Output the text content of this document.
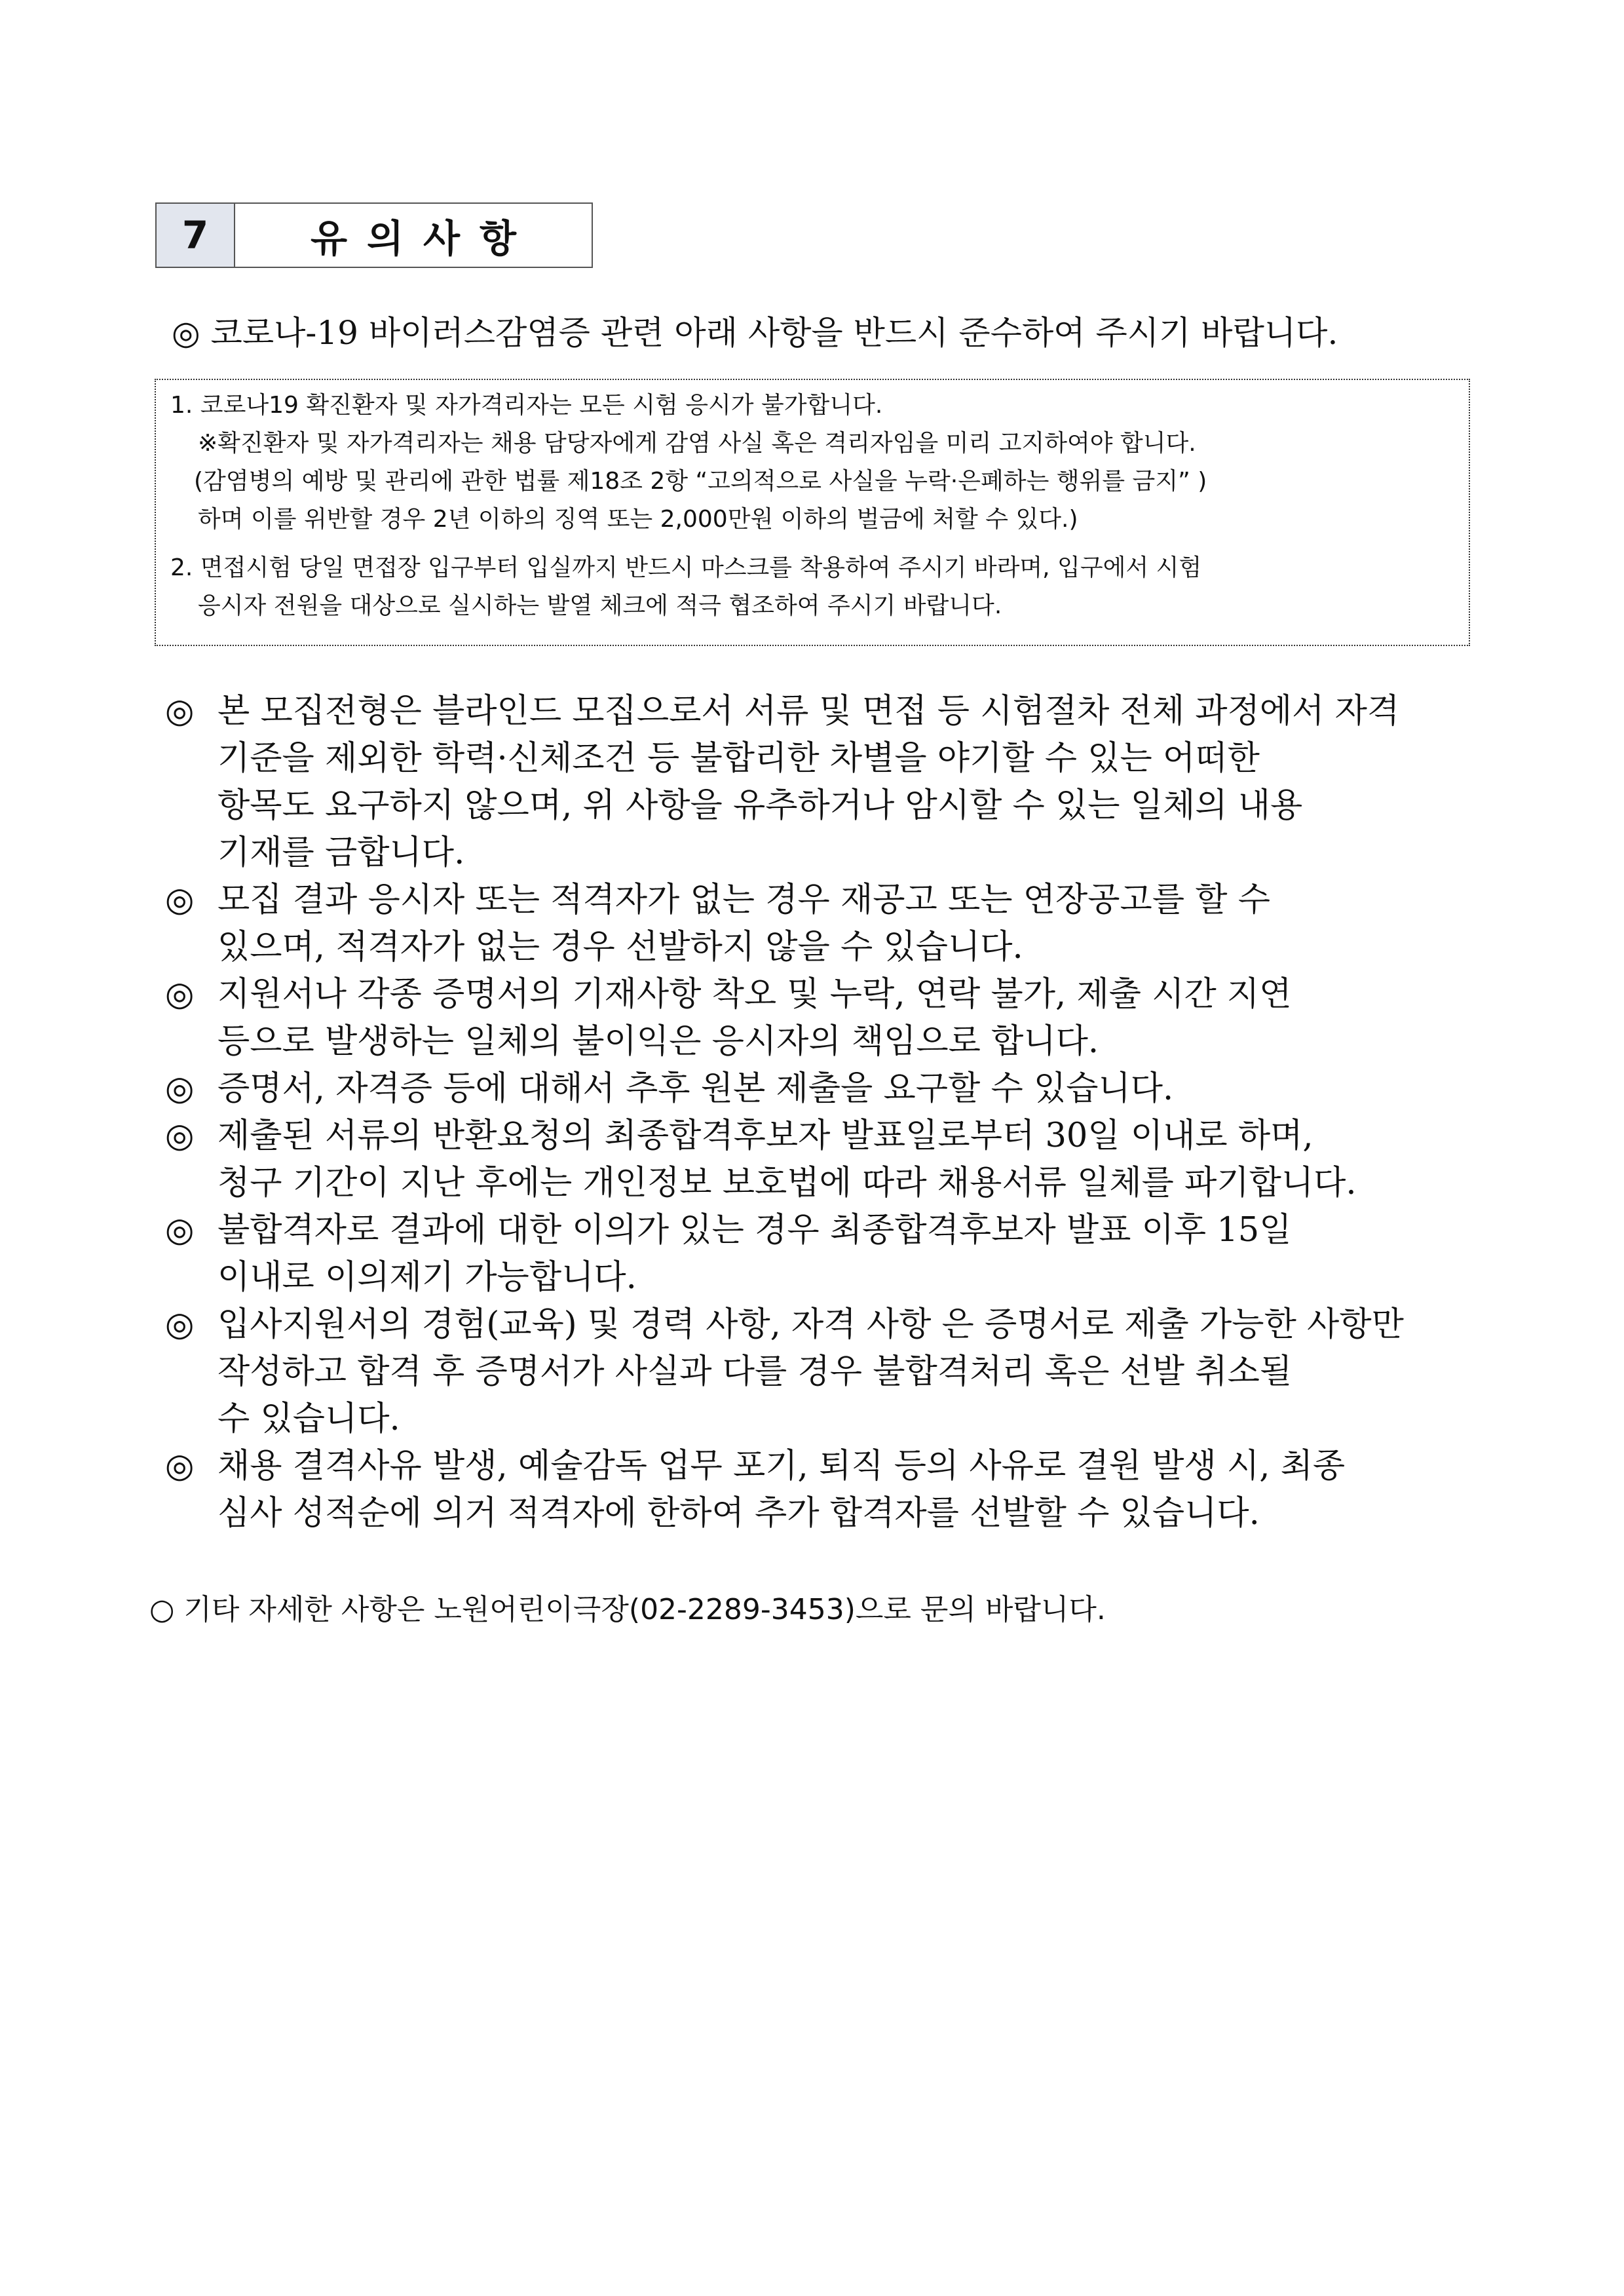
7	유의사항
◎ 코로나-19 바이러스감염증 관련 아래 사항을 반드시 준수하여 주시기 바랍니다.
1. 코로나19 확진환자 및 자가격리자는 모든 시험 응시가 불가합니다.
※확진환자 및 자가격리자는 채용 담당자에게 감염 사실 혹은 격리자임을 미리 고지하여야 합니다.
(감염병의 예방 및 관리에 관한 법률 제18조 2항 “고의적으로 사실을 누락·은폐하는 행위를 금지” )
하며 이를 위반할 경우 2년 이하의 징역 또는 2,000만원 이하의 벌금에 처할 수 있다.)
2. 면접시험 당일 면접장 입구부터 입실까지 반드시 마스크를 착용하여 주시기 바라며, 입구에서 시험
응시자 전원을 대상으로 실시하는 발열 체크에 적극 협조하여 주시기 바랍니다.
◎ 본 모집전형은 블라인드 모집으로서 서류 및 면접 등 시험절차 전체 과정에서 자격
기준을 제외한 학력·신체조건 등 불합리한 차별을 야기할 수 있는 어떠한
항목도 요구하지 않으며, 위 사항을 유추하거나 암시할 수 있는 일체의 내용
기재를 금합니다.
◎ 모집 결과 응시자 또는 적격자가 없는 경우 재공고 또는 연장공고를 할 수
있으며, 적격자가 없는 경우 선발하지 않을 수 있습니다.
◎ 지원서나 각종 증명서의 기재사항 착오 및 누락, 연락 불가, 제출 시간 지연
등으로 발생하는 일체의 불이익은 응시자의 책임으로 합니다.
◎ 증명서, 자격증 등에 대해서 추후 원본 제출을 요구할 수 있습니다.
◎ 제출된 서류의 반환요청의 최종합격후보자 발표일로부터 30일 이내로 하며,
청구 기간이 지난 후에는 개인정보 보호법에 따라 채용서류 일체를 파기합니다.
◎ 불합격자로 결과에 대한 이의가 있는 경우 최종합격후보자 발표 이후 15일
이내로 이의제기 가능합니다.
◎ 입사지원서의 경험(교육) 및 경력 사항, 자격 사항 은 증명서로 제출 가능한 사항만
작성하고 합격 후 증명서가 사실과 다를 경우 불합격처리 혹은 선발 취소될
수 있습니다.
◎ 채용 결격사유 발생, 예술감독 업무 포기, 퇴직 등의 사유로 결원 발생 시, 최종
심사 성적순에 의거 적격자에 한하여 추가 합격자를 선발할 수 있습니다.
○ 기타 자세한 사항은 노원어린이극장(02-2289-3453)으로 문의 바랍니다.
